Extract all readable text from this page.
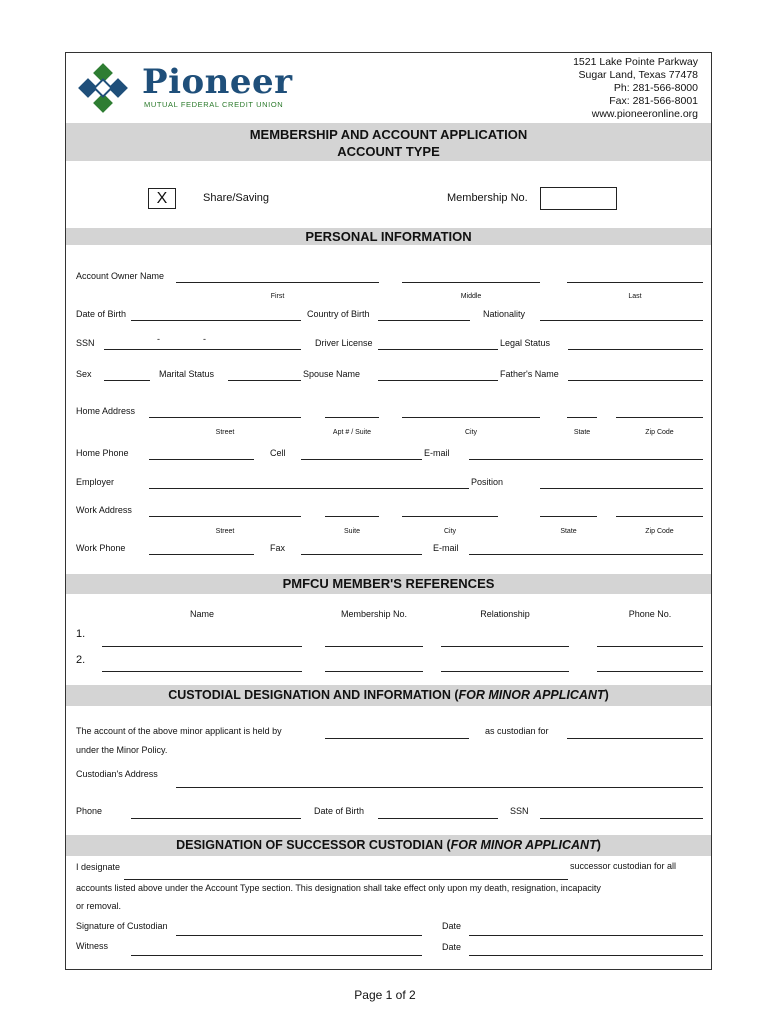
Pioneer
MUTUAL FEDERAL CREDIT UNION
1521 Lake Pointe Parkway
Sugar Land, Texas 77478
Ph: 281-566-8000
Fax: 281-566-8001
www.pioneeronline.org
MEMBERSHIP AND ACCOUNT APPLICATION
ACCOUNT TYPE
X	Share/Saving	Membership No.
PERSONAL INFORMATION
Account Owner Name
First	Middle	Last
Date of Birth	Country of Birth	Nationality
SSN	-	-	Driver License	Legal Status
Sex	Marital Status	Spouse Name	Father's Name
Home Address
Street	Apt # / Suite	City	State	Zip Code
Home Phone	Cell	E-mail
Employer	Position
Work Address
Street	Suite	City	State	Zip Code
Work Phone	Fax	E-mail
PMFCU MEMBER'S REFERENCES
Name	Membership No.	Relationship	Phone No.
1.
2.
CUSTODIAL DESIGNATION AND INFORMATION (FOR MINOR APPLICANT)
The account of the above minor applicant is held by	as custodian for
under the Minor Policy.
Custodian's Address
Phone	Date of Birth	SSN
DESIGNATION OF SUCCESSOR CUSTODIAN (FOR MINOR APPLICANT)
I designate	successor custodian for all
accounts listed above under the Account Type section. This designation shall take effect only upon my death, resignation, incapacity
or removal.
Signature of Custodian	Date
Witness	Date
Page 1 of 2
